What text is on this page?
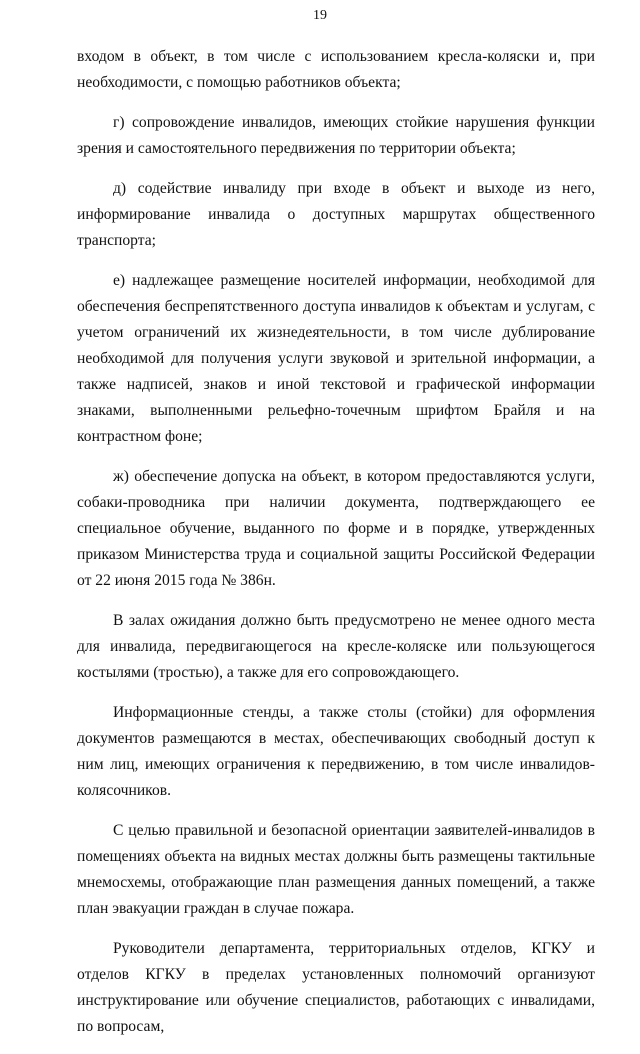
19

входом в объект, в том числе с использованием кресла-коляски и, при необходимости, с помощью работников объекта;

г) сопровождение инвалидов, имеющих стойкие нарушения функции зрения и самостоятельного передвижения по территории объекта;

д) содействие инвалиду при входе в объект и выходе из него, информирование инвалида о доступных маршрутах общественного транспорта;

е) надлежащее размещение носителей информации, необходимой для обеспечения беспрепятственного доступа инвалидов к объектам и услугам, с учетом ограничений их жизнедеятельности, в том числе дублирование необходимой для получения услуги звуковой и зрительной информации, а также надписей, знаков и иной текстовой и графической информации знаками, выполненными рельефно-точечным шрифтом Брайля и на контрастном фоне;

ж) обеспечение допуска на объект, в котором предоставляются услуги, собаки-проводника при наличии документа, подтверждающего ее специальное обучение, выданного по форме и в порядке, утвержденных приказом Министерства труда и социальной защиты Российской Федерации от 22 июня 2015 года № 386н.

В залах ожидания должно быть предусмотрено не менее одного места для инвалида, передвигающегося на кресле-коляске или пользующегося костылями (тростью), а также для его сопровождающего.

Информационные стенды, а также столы (стойки) для оформления документов размещаются в местах, обеспечивающих свободный доступ к ним лиц, имеющих ограничения к передвижению, в том числе инвалидов-колясочников.

С целью правильной и безопасной ориентации заявителей-инвалидов в помещениях объекта на видных местах должны быть размещены тактильные мнемосхемы, отображающие план размещения данных помещений, а также план эвакуации граждан в случае пожара.

Руководители департамента, территориальных отделов, КГКУ и отделов КГКУ в пределах установленных полномочий организуют инструктирование или обучение специалистов, работающих с инвалидами, по вопросам,
